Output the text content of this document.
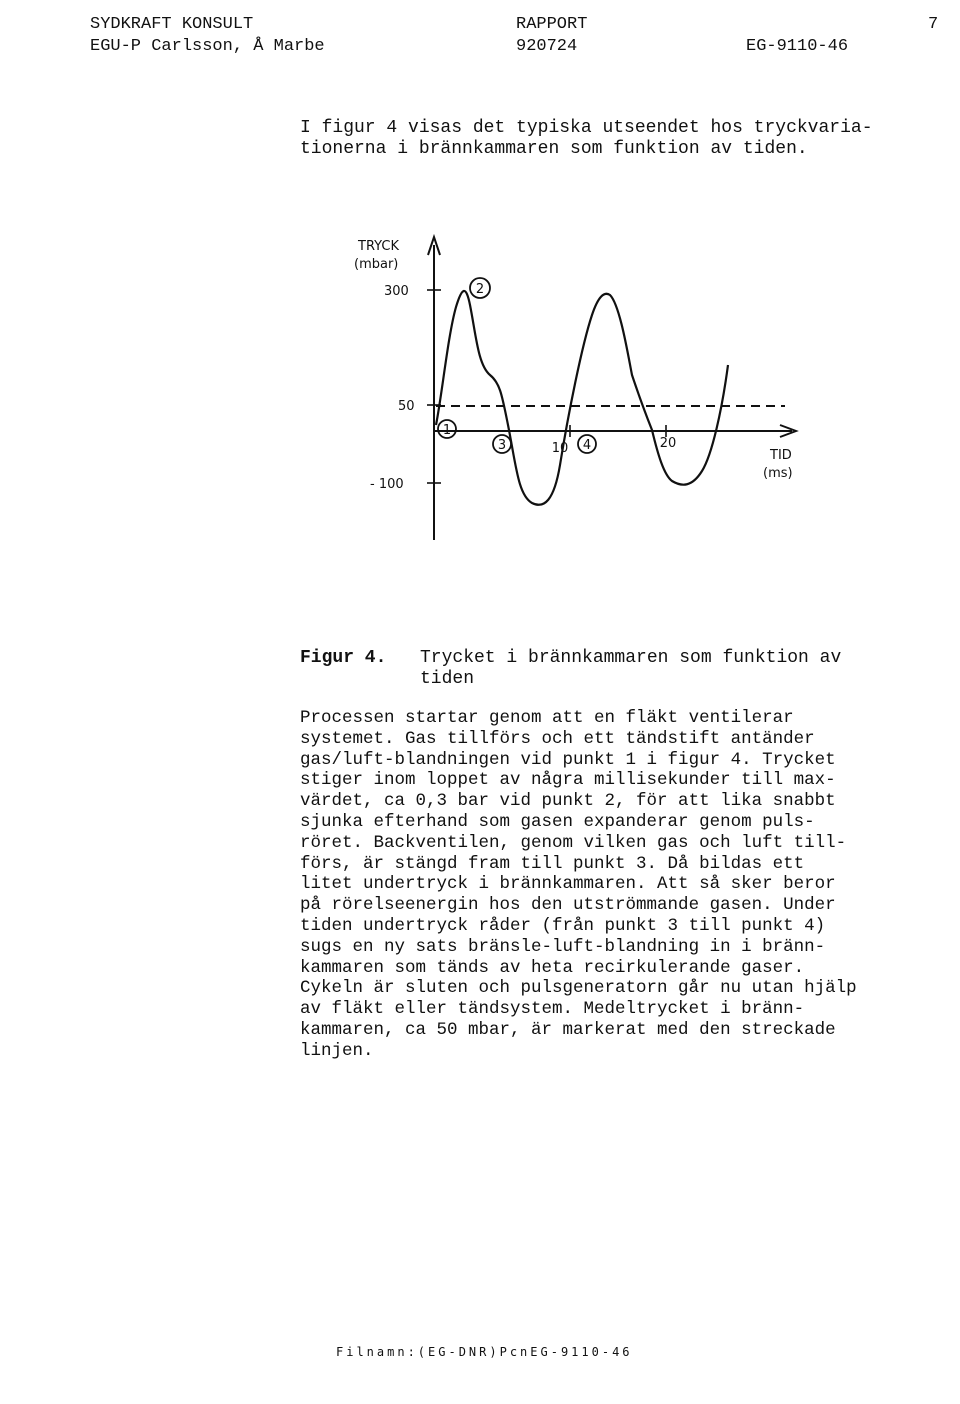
SYDKRAFT KONSULT
EGU-P Carlsson, Å Marbe
RAPPORT
920724
7
EG-9110-46
I figur 4 visas det typiska utseendet hos tryckvaria-
tionerna i brännkammaren som funktion av tiden.
1
2
3	4
TRYCK
(mbar)
300
50
- 100
10	20
TID
(ms)
Figur 4. Trycket i brännkammaren som funktion av
tiden
Processen startar genom att en fläkt ventilerar
systemet. Gas tillförs och ett tändstift antänder
gas/luft-blandningen vid punkt 1 i figur 4. Trycket
stiger inom loppet av några millisekunder till max-
värdet, ca 0,3 bar vid punkt 2, för att lika snabbt
sjunka efterhand som gasen expanderar genom puls-
röret. Backventilen, genom vilken gas och luft till-
förs, är stängd fram till punkt 3. Då bildas ett
litet undertryck i brännkammaren. Att så sker beror
på rörelseenergin hos den utströmmande gasen. Under
tiden undertryck råder (från punkt 3 till punkt 4)
sugs en ny sats bränsle-luft-blandning in i bränn-
kammaren som tänds av heta recirkulerande gaser.
Cykeln är sluten och pulsgeneratorn går nu utan hjälp
av fläkt eller tändsystem. Medeltrycket i bränn-
kammaren, ca 50 mbar, är markerat med den streckade
linjen.
Filnamn:(EG-DNR)PcnEG-9110-46
